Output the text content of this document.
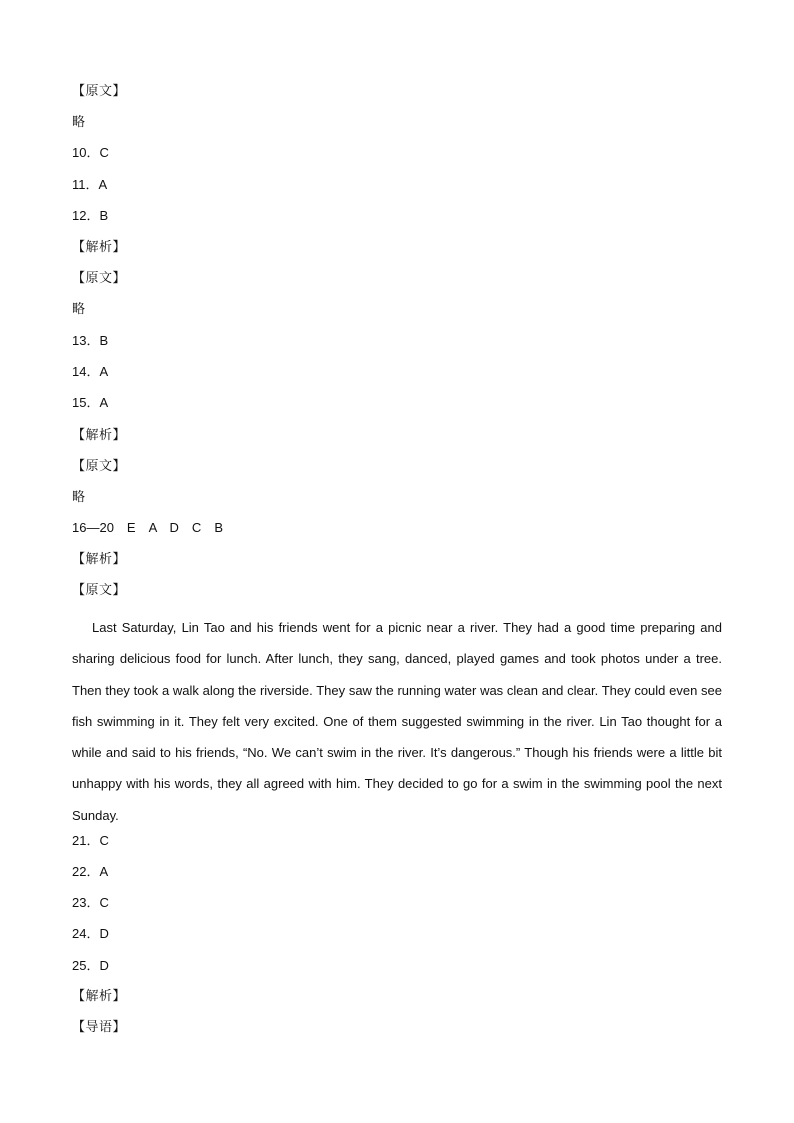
【原文】
略
10．C
11．A
12．B
【解析】
【原文】
略
13．B
14．A
15．A
【解析】
【原文】
略
16—20　E　A　D　C　B
【解析】
【原文】
Last Saturday, Lin Tao and his friends went for a picnic near a river. They had a good time preparing and sharing delicious food for lunch. After lunch, they sang, danced, played games and took photos under a tree. Then they took a walk along the riverside. They saw the running water was clean and clear. They could even see fish swimming in it. They felt very excited. One of them suggested swimming in the river. Lin Tao thought for a while and said to his friends, “No. We can’t swim in the river. It’s dangerous.” Though his friends were a little bit unhappy with his words, they all agreed with him. They decided to go for a swim in the swimming pool the next Sunday.
21．C
22．A
23．C
24．D
25．D
【解析】
【导语】
